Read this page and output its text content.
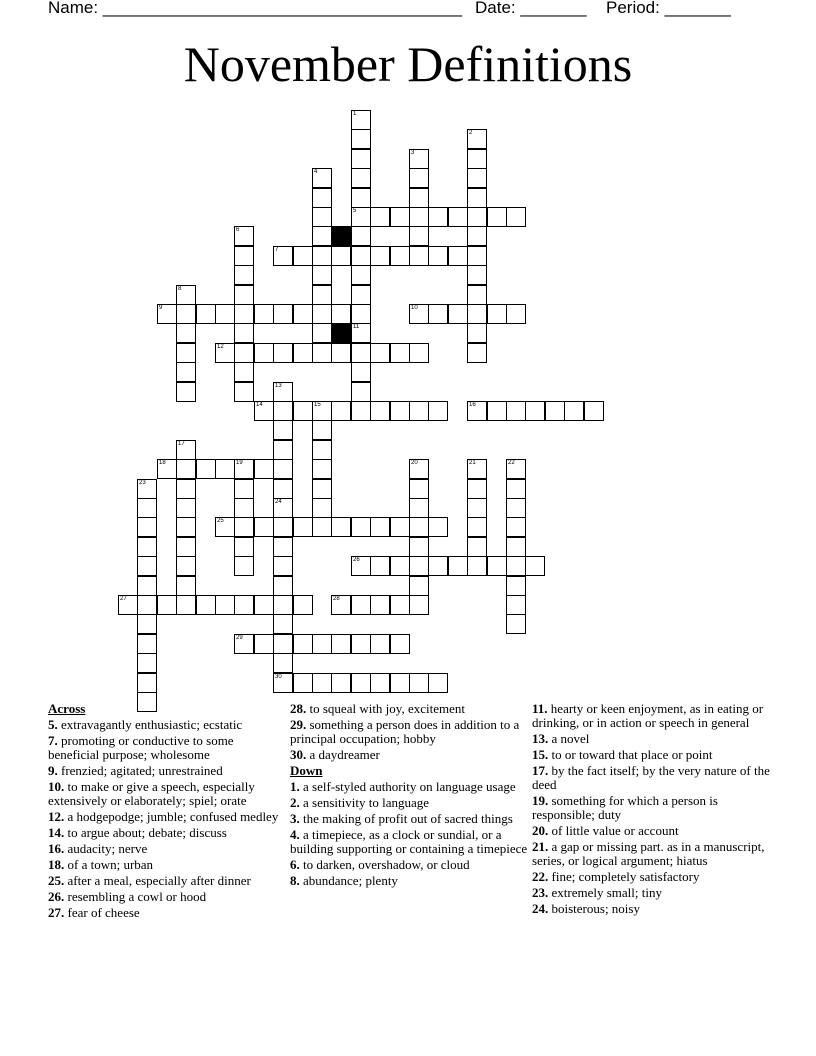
Name: ______________________________________ Date: _______ Period: _______
November Definitions
5
7
9	10
12
14	15	16
18	19
25
26
27	28
29
30
1
11
2
3
4
6
8
13
24
17
20	21	22
23
Across
5. extravagantly enthusiastic; ecstatic
7. promoting or conductive to some beneficial purpose; wholesome
9. frenzied; agitated; unrestrained
10. to make or give a speech, especially extensively or elaborately; spiel; orate
12. a hodgepodge; jumble; confused medley
14. to argue about; debate; discuss
16. audacity; nerve
18. of a town; urban
25. after a meal, especially after dinner
26. resembling a cowl or hood
27. fear of cheese
28. to squeal with joy, excitement
29. something a person does in addition to a principal occupation; hobby
30. a daydreamer
Down
1. a self-styled authority on language usage
2. a sensitivity to language
3. the making of profit out of sacred things
4. a timepiece, as a clock or sundial, or a building supporting or containing a timepiece
6. to darken, overshadow, or cloud
8. abundance; plenty
11. hearty or keen enjoyment, as in eating or drinking, or in action or speech in general
13. a novel
15. to or toward that place or point
17. by the fact itself; by the very nature of the deed
19. something for which a person is responsible; duty
20. of little value or account
21. a gap or missing part. as in a manuscript, series, or logical argument; hiatus
22. fine; completely satisfactory
23. extremely small; tiny
24. boisterous; noisy
